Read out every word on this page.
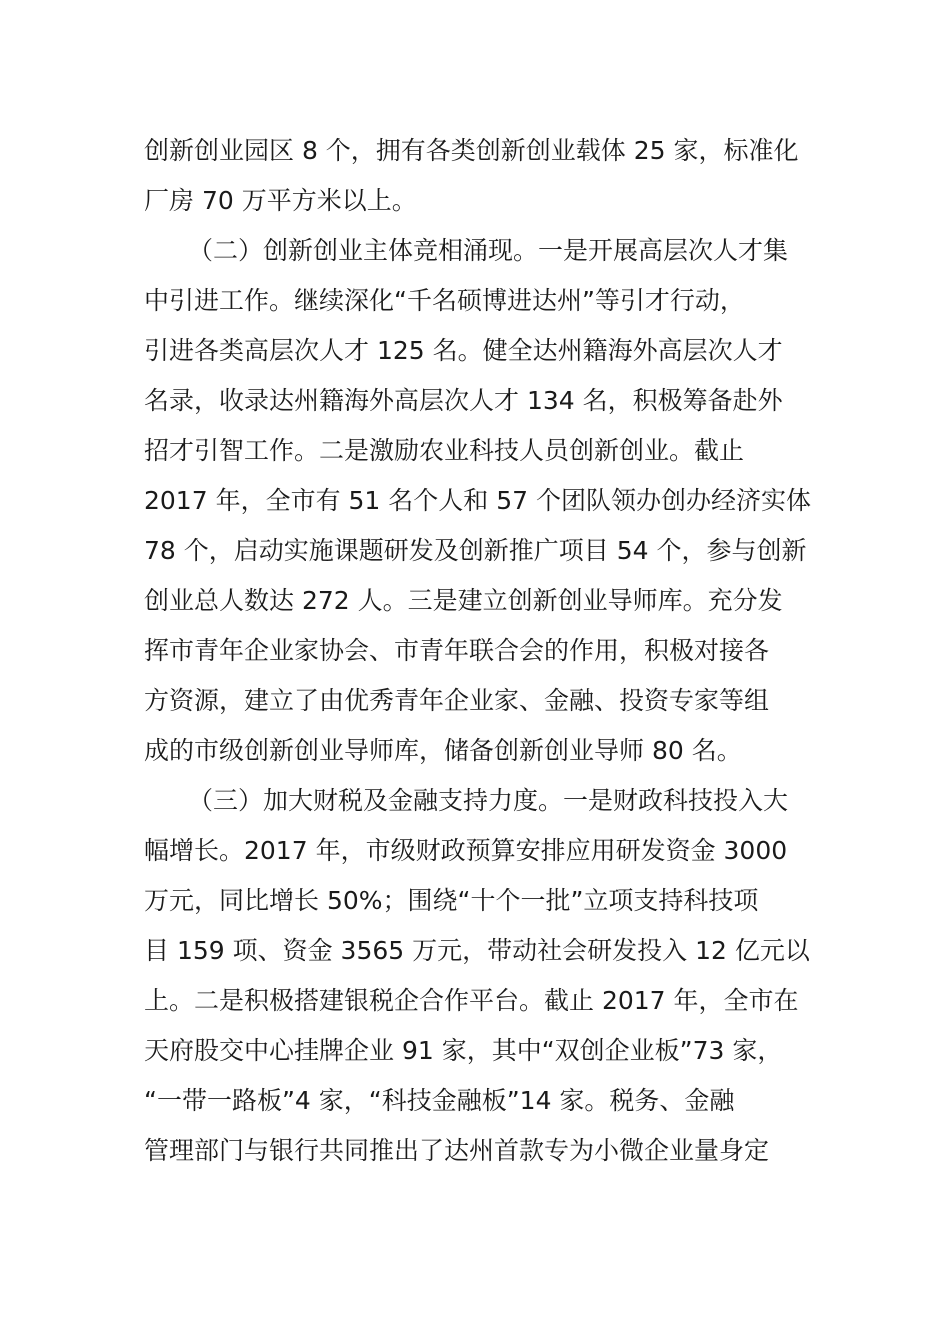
创新创业园区 8 个，拥有各类创新创业载体 25 家，标准化
厂房 70 万平方米以上。
（二）创新创业主体竞相涌现。一是开展高层次人才集
中引进工作。继续深化“千名硕博进达州”等引才行动，
引进各类高层次人才 125 名。健全达州籍海外高层次人才
名录，收录达州籍海外高层次人才 134 名，积极筹备赴外
招才引智工作。二是激励农业科技人员创新创业。截止
2017 年，全市有 51 名个人和 57 个团队领办创办经济实体
78 个，启动实施课题研发及创新推广项目 54 个，参与创新
创业总人数达 272 人。三是建立创新创业导师库。充分发
挥市青年企业家协会、市青年联合会的作用，积极对接各
方资源，建立了由优秀青年企业家、金融、投资专家等组
成的市级创新创业导师库，储备创新创业导师 80 名。
（三）加大财税及金融支持力度。一是财政科技投入大
幅增长。2017 年，市级财政预算安排应用研发资金 3000
万元，同比增长 50%；围绕“十个一批”立项支持科技项
目 159 项、资金 3565 万元，带动社会研发投入 12 亿元以
上。二是积极搭建银税企合作平台。截止 2017 年，全市在
天府股交中心挂牌企业 91 家，其中“双创企业板”73 家，
“一带一路板”4 家，“科技金融板”14 家。税务、金融
管理部门与银行共同推出了达州首款专为小微企业量身定
